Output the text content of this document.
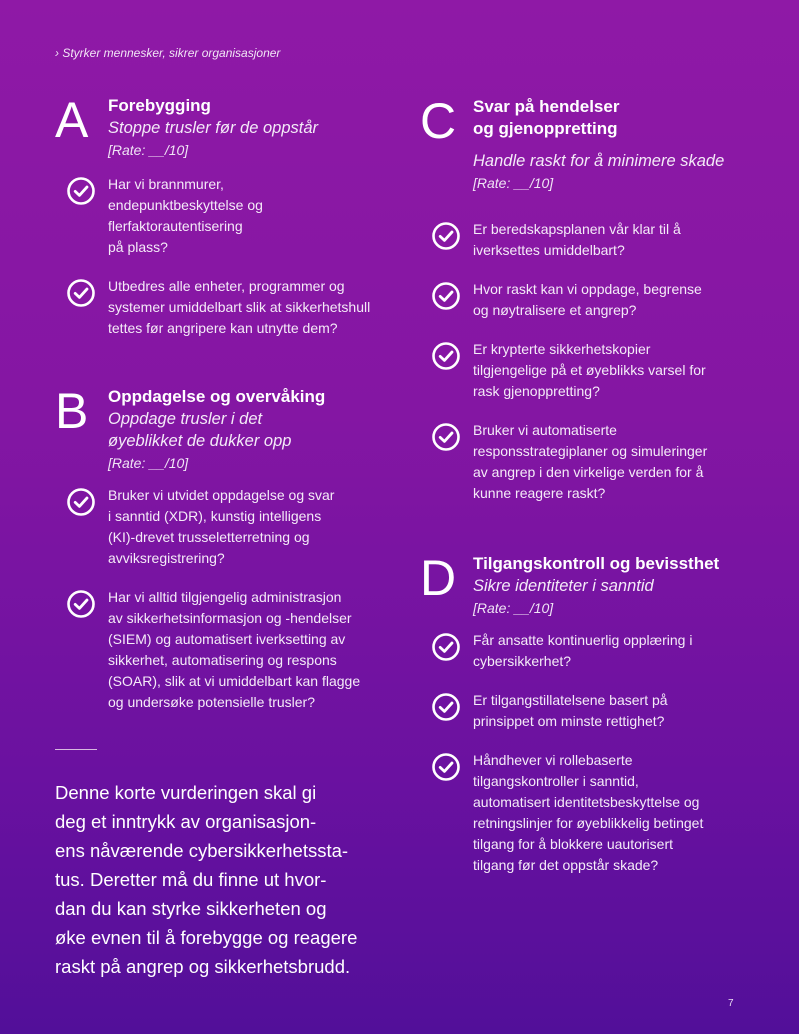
› Styrker mennesker, sikrer organisasjoner
A Forebygging
Stoppe trusler før de oppstår
[Rate: __/10]
Har vi brannmurer,
endepunktbeskyttelse og
flerfaktorautentisering
på plass?
Utbedres alle enheter, programmer og
systemer umiddelbart slik at sikkerhetshull
tettes før angripere kan utnytte dem?
B Oppdagelse og overvåking
Oppdage trusler i det
øyeblikket de dukker opp
[Rate: __/10]
Bruker vi utvidet oppdagelse og svar
i sanntid (XDR), kunstig intelligens
(KI)-drevet trusseletterretning og
avviksregistrering?
Har vi alltid tilgjengelig administrasjon
av sikkerhetsinformasjon og -hendelser
(SIEM) og automatisert iverksetting av
sikkerhet, automatisering og respons
(SOAR), slik at vi umiddelbart kan flagge
og undersøke potensielle trusler?
C Svar på hendelser
og gjenoppretting
Handle raskt for å minimere skade
[Rate: __/10]
Er beredskapsplanen vår klar til å
iverksettes umiddelbart?
Hvor raskt kan vi oppdage, begrense
og nøytralisere et angrep?
Er krypterte sikkerhetskopier
tilgjengelige på et øyeblikks varsel for
rask gjenoppretting?
Bruker vi automatiserte
responsstrategiplaner og simuleringer
av angrep i den virkelige verden for å
kunne reagere raskt?
D Tilgangskontroll og bevissthet
Sikre identiteter i sanntid
[Rate: __/10]
Får ansatte kontinuerlig opplæring i
cybersikkerhet?
Er tilgangstillatelsene basert på
prinsippet om minste rettighet?
Håndhever vi rollebaserte
tilgangskontroller i sanntid,
automatisert identitetsbeskyttelse og
retningslinjer for øyeblikkelig betinget
tilgang for å blokkere uautorisert
tilgang før det oppstår skade?
Denne korte vurderingen skal gi
deg et inntrykk av organisasjon-
ens nåværende cybersikkerhetssta-
tus. Deretter må du finne ut hvor-
dan du kan styrke sikkerheten og
øke evnen til å forebygge og reagere
raskt på angrep og sikkerhetsbrudd.
7
